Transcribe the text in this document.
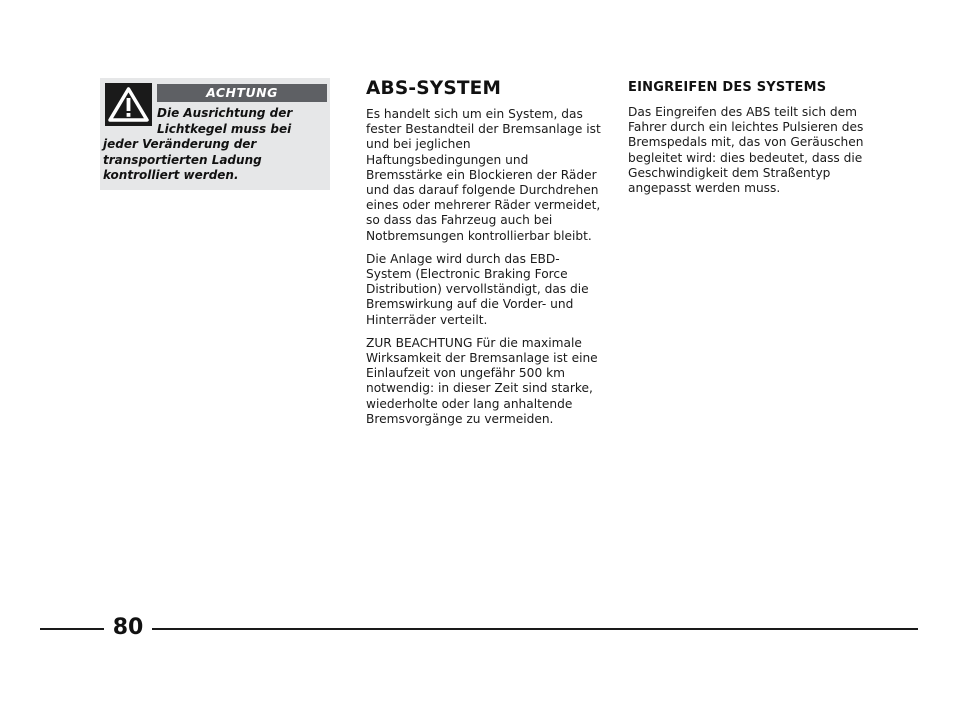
ACHTUNG

Die Ausrichtung der Lichtkegel muss bei jeder Veränderung der transportierten Ladung kontrolliert werden.

ABS-SYSTEM

Es handelt sich um ein System, das fester Bestandteil der Bremsanlage ist und bei jeglichen Haftungsbedingungen und Bremsstärke ein Blockieren der Räder und das darauf folgende Durchdrehen eines oder mehrerer Räder vermeidet, so dass das Fahrzeug auch bei Notbremsungen kontrollierbar bleibt.

Die Anlage wird durch das EBD-System (Electronic Braking Force Distribution) vervollständigt, das die Bremswirkung auf die Vorder- und Hinterräder verteilt.

ZUR BEACHTUNG Für die maximale Wirksamkeit der Bremsanlage ist eine Einlaufzeit von ungefähr 500 km notwendig: in dieser Zeit sind starke, wiederholte oder lang anhaltende Bremsvorgänge zu vermeiden.

EINGREIFEN DES SYSTEMS

Das Eingreifen des ABS teilt sich dem Fahrer durch ein leichtes Pulsieren des Bremspedals mit, das von Geräuschen begleitet wird: dies bedeutet, dass die Geschwindigkeit dem Straßentyp angepasst werden muss.

80
